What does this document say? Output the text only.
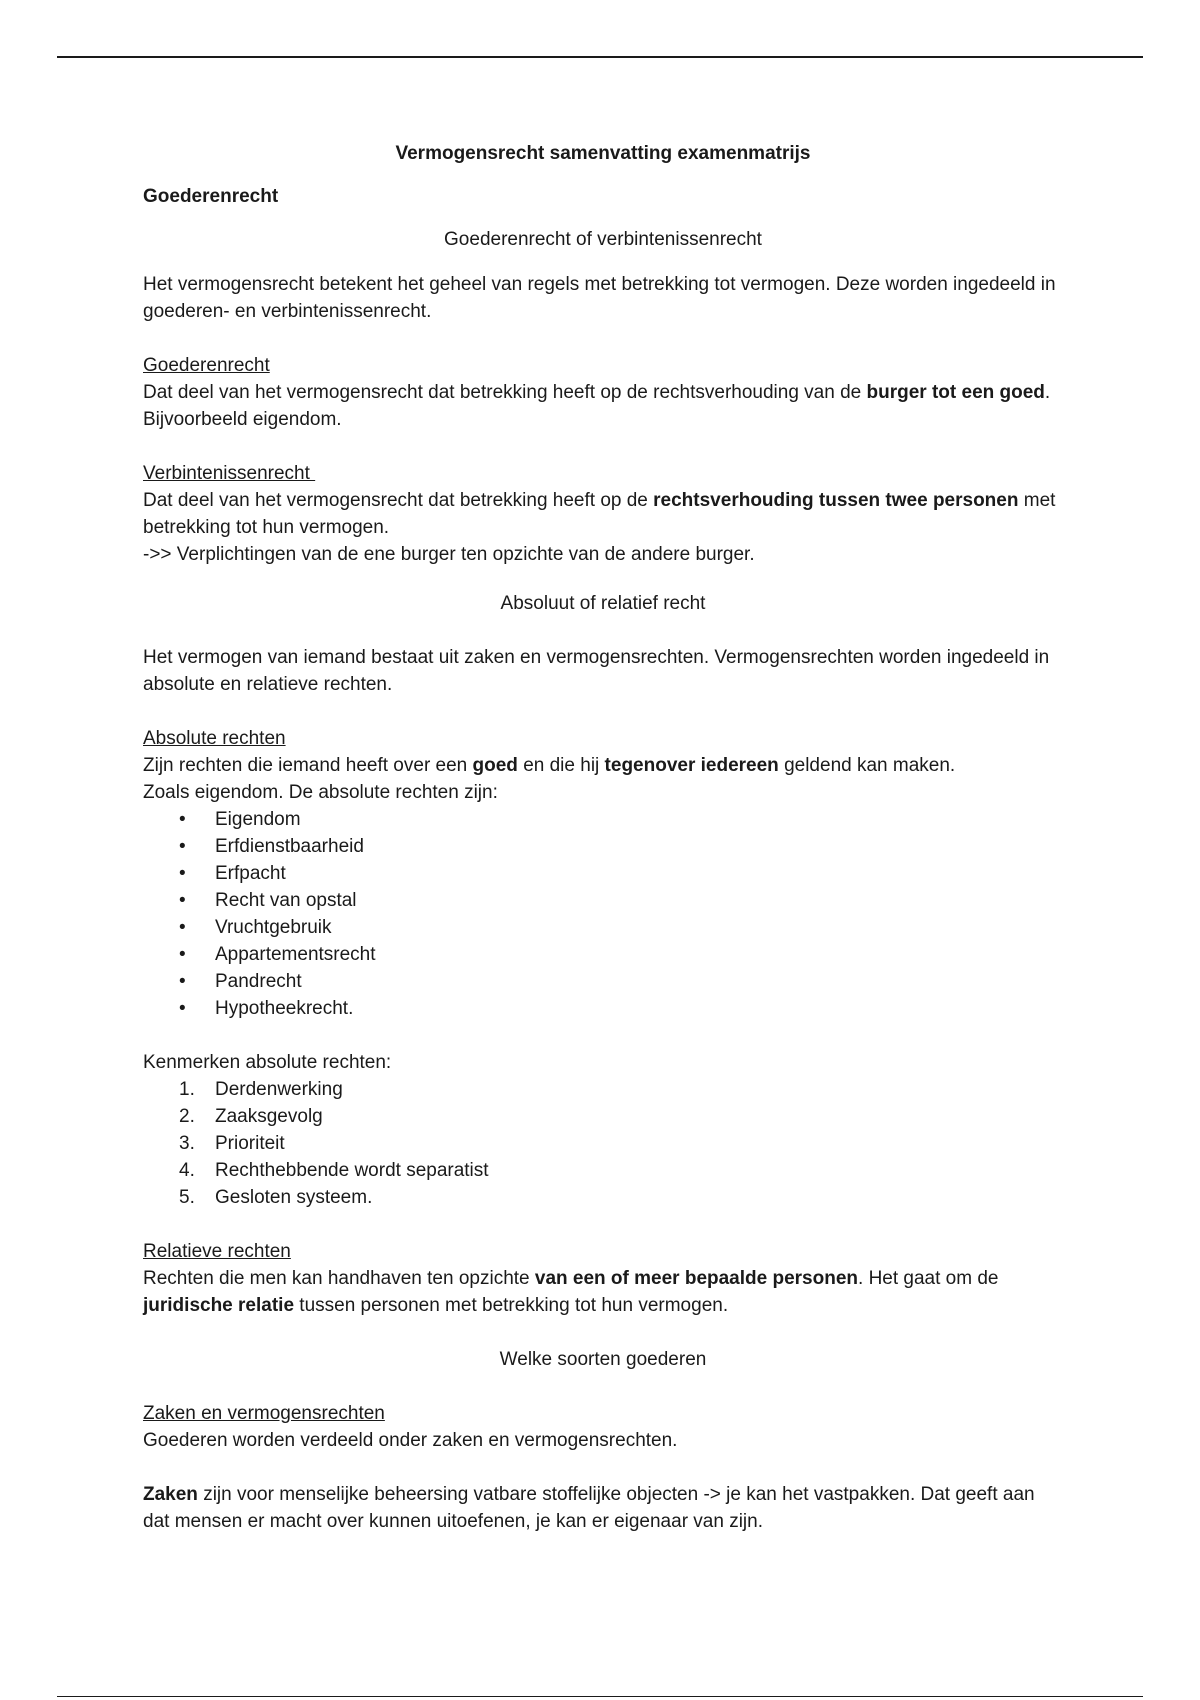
Vermogensrecht samenvatting examenmatrijs

Goederenrecht

Goederenrecht of verbintenissenrecht

Het vermogensrecht betekent het geheel van regels met betrekking tot vermogen. Deze worden ingedeeld in goederen- en verbintenissenrecht.

Goederenrecht

Dat deel van het vermogensrecht dat betrekking heeft op de rechtsverhouding van de burger tot een goed. Bijvoorbeeld eigendom.

Verbintenissenrecht

Dat deel van het vermogensrecht dat betrekking heeft op de rechtsverhouding tussen twee personen met betrekking tot hun vermogen.

->> Verplichtingen van de ene burger ten opzichte van de andere burger.

Absoluut of relatief recht

Het vermogen van iemand bestaat uit zaken en vermogensrechten. Vermogensrechten worden ingedeeld in absolute en relatieve rechten.

Absolute rechten

Zijn rechten die iemand heeft over een goed en die hij tegenover iedereen geldend kan maken.

Zoals eigendom. De absolute rechten zijn:

• Eigendom
• Erfdienstbaarheid
• Erfpacht
• Recht van opstal
• Vruchtgebruik
• Appartementsrecht
• Pandrecht
• Hypotheekrecht.

Kenmerken absolute rechten:

1. Derdenwerking
2. Zaaksgevolg
3. Prioriteit
4. Rechthebbende wordt separatist
5. Gesloten systeem.

Relatieve rechten

Rechten die men kan handhaven ten opzichte van een of meer bepaalde personen. Het gaat om de juridische relatie tussen personen met betrekking tot hun vermogen.

Welke soorten goederen

Zaken en vermogensrechten

Goederen worden verdeeld onder zaken en vermogensrechten.

Zaken zijn voor menselijke beheersing vatbare stoffelijke objecten -> je kan het vastpakken. Dat geeft aan dat mensen er macht over kunnen uitoefenen, je kan er eigenaar van zijn.
